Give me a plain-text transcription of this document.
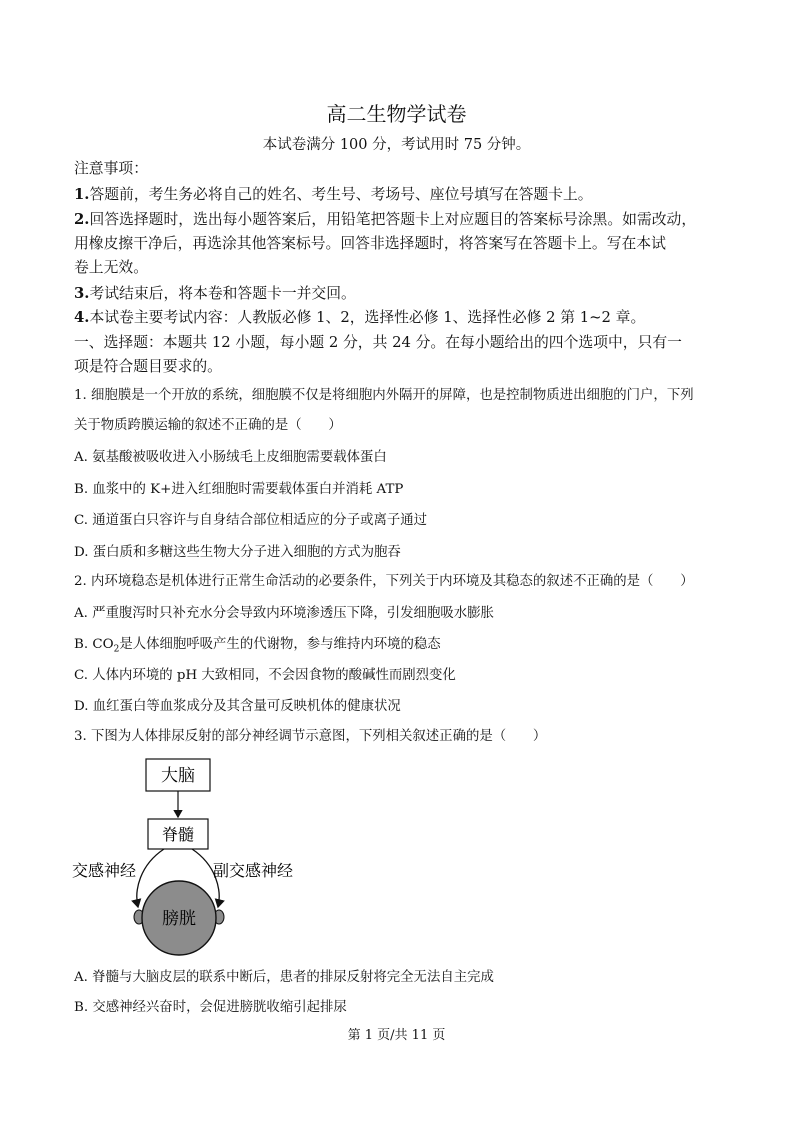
高二生物学试卷
本试卷满分 100 分，考试用时 75 分钟。
注意事项：
1.答题前，考生务必将自己的姓名、考生号、考场号、座位号填写在答题卡上。
2.回答选择题时，选出每小题答案后，用铅笔把答题卡上对应题目的答案标号涂黑。如需改动，
用橡皮擦干净后，再选涂其他答案标号。回答非选择题时，将答案写在答题卡上。写在本试
卷上无效。
3.考试结束后，将本卷和答题卡一并交回。
4.本试卷主要考试内容：人教版必修 1、2，选择性必修 1、选择性必修 2 第 1~2 章。
一、选择题：本题共 12 小题，每小题 2 分，共 24 分。在每小题给出的四个选项中，只有一
项是符合题目要求的。
1. 细胞膜是一个开放的系统，细胞膜不仅是将细胞内外隔开的屏障，也是控制物质进出细胞的门户，下列
关于物质跨膜运输的叙述不正确的是（　　）
A. 氨基酸被吸收进入小肠绒毛上皮细胞需要载体蛋白
B. 血浆中的 K+进入红细胞时需要载体蛋白并消耗 ATP
C. 通道蛋白只容许与自身结合部位相适应的分子或离子通过
D. 蛋白质和多糖这些生物大分子进入细胞的方式为胞吞
2. 内环境稳态是机体进行正常生命活动的必要条件，下列关于内环境及其稳态的叙述不正确的是（　　）
A. 严重腹泻时只补充水分会导致内环境渗透压下降，引发细胞吸水膨胀
B. $CO_2$是人体细胞呼吸产生的代谢物，参与维持内环境的稳态
C. 人体内环境的 pH 大致相同，不会因食物的酸碱性而剧烈变化
D. 血红蛋白等血浆成分及其含量可反映机体的健康状况
3. 下图为人体排尿反射的部分神经调节示意图，下列相关叙述正确的是（　　）
大脑
脊髓
交感神经	副交感神经
膀胱
A. 脊髓与大脑皮层的联系中断后，患者的排尿反射将完全无法自主完成
B. 交感神经兴奋时，会促进膀胱收缩引起排尿
第 1 页/共 11 页
